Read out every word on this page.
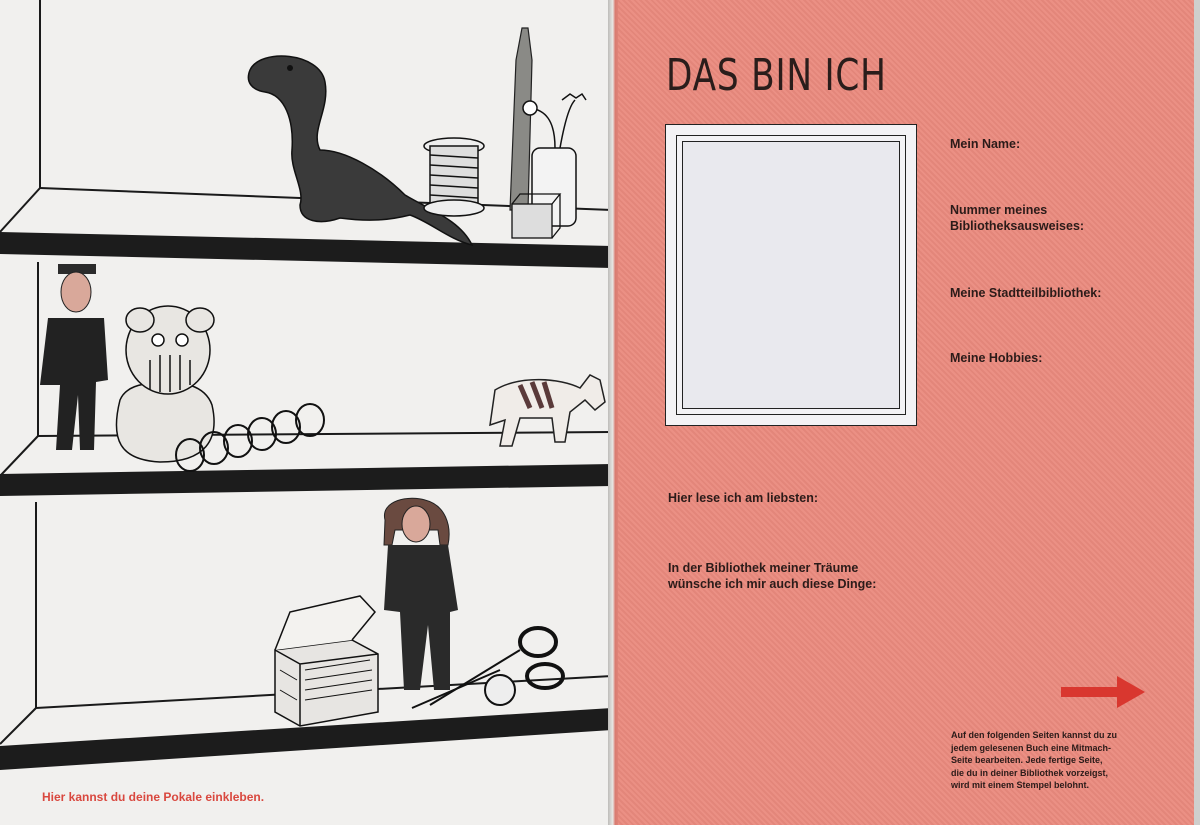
Hier kannst du deine Pokale einkleben.
DAS BIN ICH
Mein Name:
Nummer meines
Bibliotheksausweises:
Meine Stadtteilbibliothek:
Meine Hobbies:
Hier lese ich am liebsten:
In der Bibliothek meiner Träume
wünsche ich mir auch diese Dinge:
Auf den folgenden Seiten kannst du zu
jedem gelesenen Buch eine Mitmach-
Seite bearbeiten. Jede fertige Seite,
die du in deiner Bibliothek vorzeigst,
wird mit einem Stempel belohnt.
